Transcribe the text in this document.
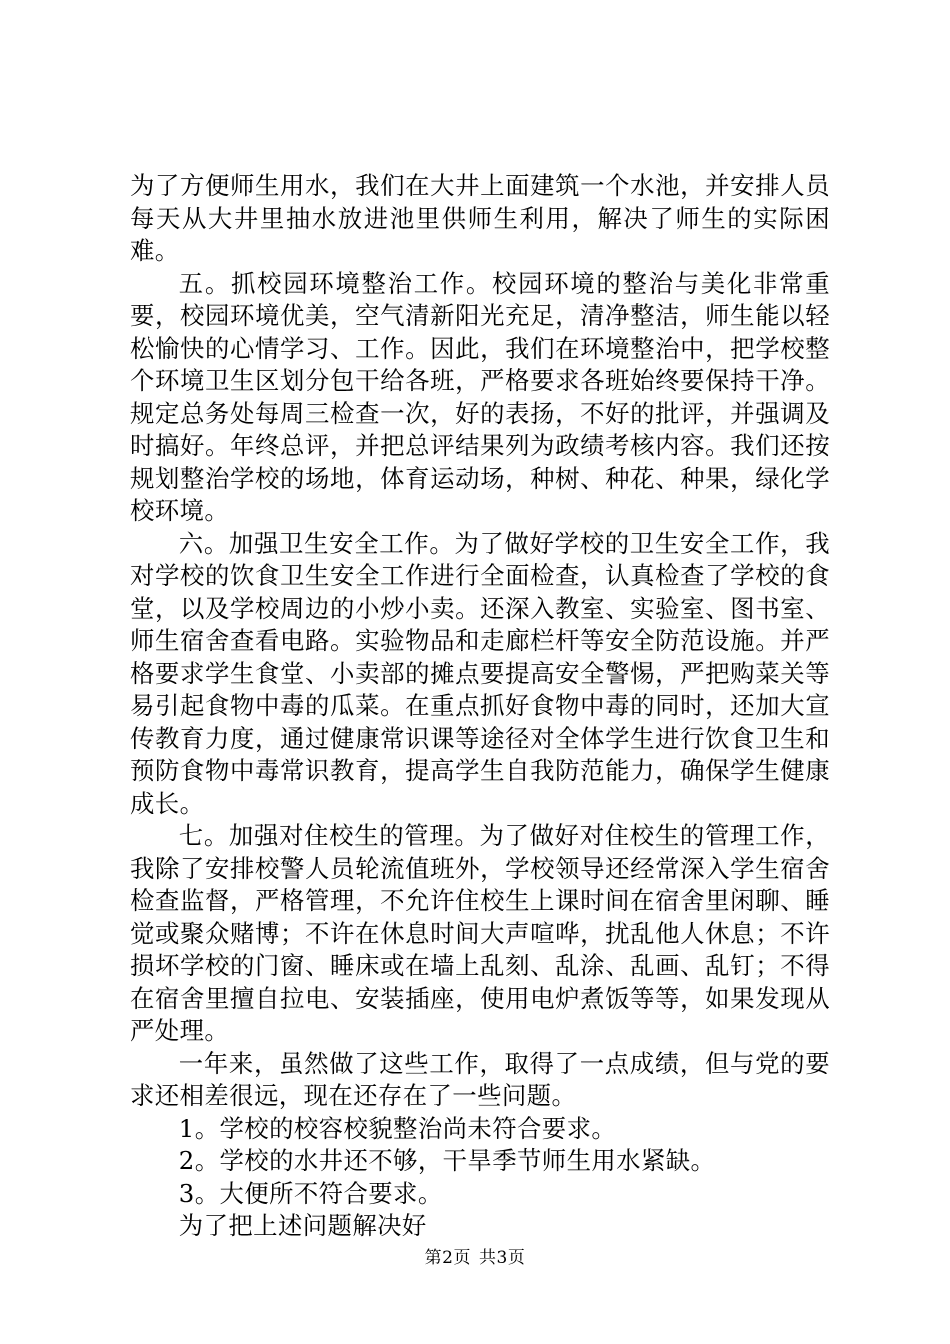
为了方便师生用水，我们在大井上面建筑一个水池，并安排人员每天从大井里抽水放进池里供师生利用，解决了师生的实际困难。

五。抓校园环境整治工作。校园环境的整治与美化非常重要，校园环境优美，空气清新阳光充足，清净整洁，师生能以轻松愉快的心情学习、工作。因此，我们在环境整治中，把学校整个环境卫生区划分包干给各班，严格要求各班始终要保持干净。规定总务处每周三检查一次，好的表扬，不好的批评，并强调及时搞好。年终总评，并把总评结果列为政绩考核内容。我们还按规划整治学校的场地，体育运动场，种树、种花、种果，绿化学校环境。

六。加强卫生安全工作。为了做好学校的卫生安全工作，我对学校的饮食卫生安全工作进行全面检查，认真检查了学校的食堂，以及学校周边的小炒小卖。还深入教室、实验室、图书室、师生宿舍查看电路。实验物品和走廊栏杆等安全防范设施。并严格要求学生食堂、小卖部的摊点要提高安全警惕，严把购菜关等易引起食物中毒的瓜菜。在重点抓好食物中毒的同时，还加大宣传教育力度，通过健康常识课等途径对全体学生进行饮食卫生和预防食物中毒常识教育，提高学生自我防范能力，确保学生健康成长。

七。加强对住校生的管理。为了做好对住校生的管理工作，我除了安排校警人员轮流值班外，学校领导还经常深入学生宿舍检查监督，严格管理，不允许住校生上课时间在宿舍里闲聊、睡觉或聚众赌博；不许在休息时间大声喧哗，扰乱他人休息；不许损坏学校的门窗、睡床或在墙上乱刻、乱涂、乱画、乱钉；不得在宿舍里擅自拉电、安装插座，使用电炉煮饭等等，如果发现从严处理。

一年来，虽然做了这些工作，取得了一点成绩，但与党的要求还相差很远，现在还存在了一些问题。

1。学校的校容校貌整治尚未符合要求。

2。学校的水井还不够，干旱季节师生用水紧缺。

3。大便所不符合要求。

为了把上述问题解决好

第2页 共3页
